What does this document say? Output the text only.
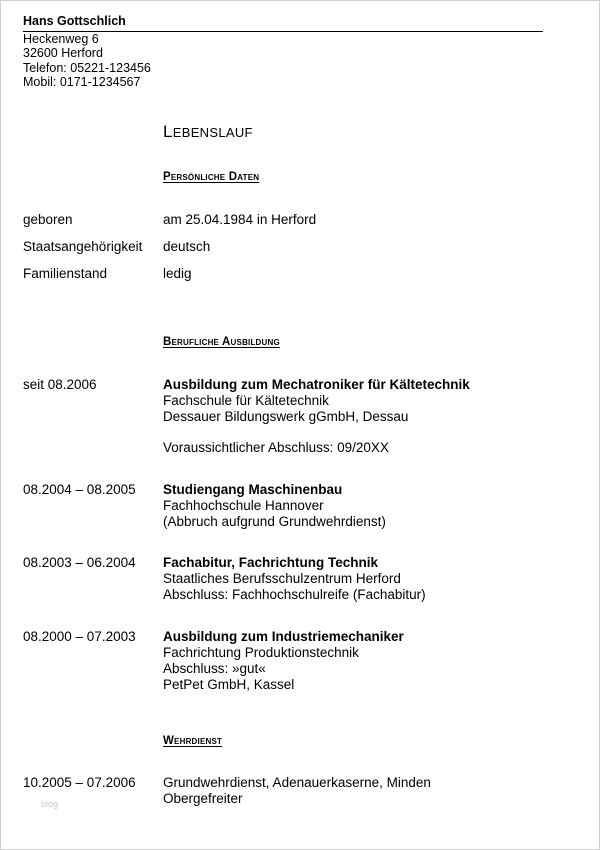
Hans Gottschlich
Heckenweg 6
32600 Herford
Telefon: 05221-123456
Mobil: 0171-1234567
LEBENSLAUF
Persönliche Daten
geboren	am 25.04.1984 in Herford
Staatsangehörigkeit deutsch
Familienstand	ledig
Berufliche Ausbildung
seit 08.2006	Ausbildung zum Mechatroniker für Kältetechnik
Fachschule für Kältetechnik
Dessauer Bildungswerk gGmbH, Dessau
Voraussichtlicher Abschluss: 09/20XX
08.2004 – 08.2005 Studiengang Maschinenbau
Fachhochschule Hannover
(Abbruch aufgrund Grundwehrdienst)
08.2003 – 06.2004 Fachabitur, Fachrichtung Technik
Staatliches Berufsschulzentrum Herford
Abschluss: Fachhochschulreife (Fachabitur)
08.2000 – 07.2003 Ausbildung zum Industriemechaniker
Fachrichtung Produktionstechnik
Abschluss: »gut«
PetPet GmbH, Kassel
Wehrdienst
10.2005 – 07.2006 Grundwehrdienst, Adenauerkaserne, Minden
Obergefreiter
blog
